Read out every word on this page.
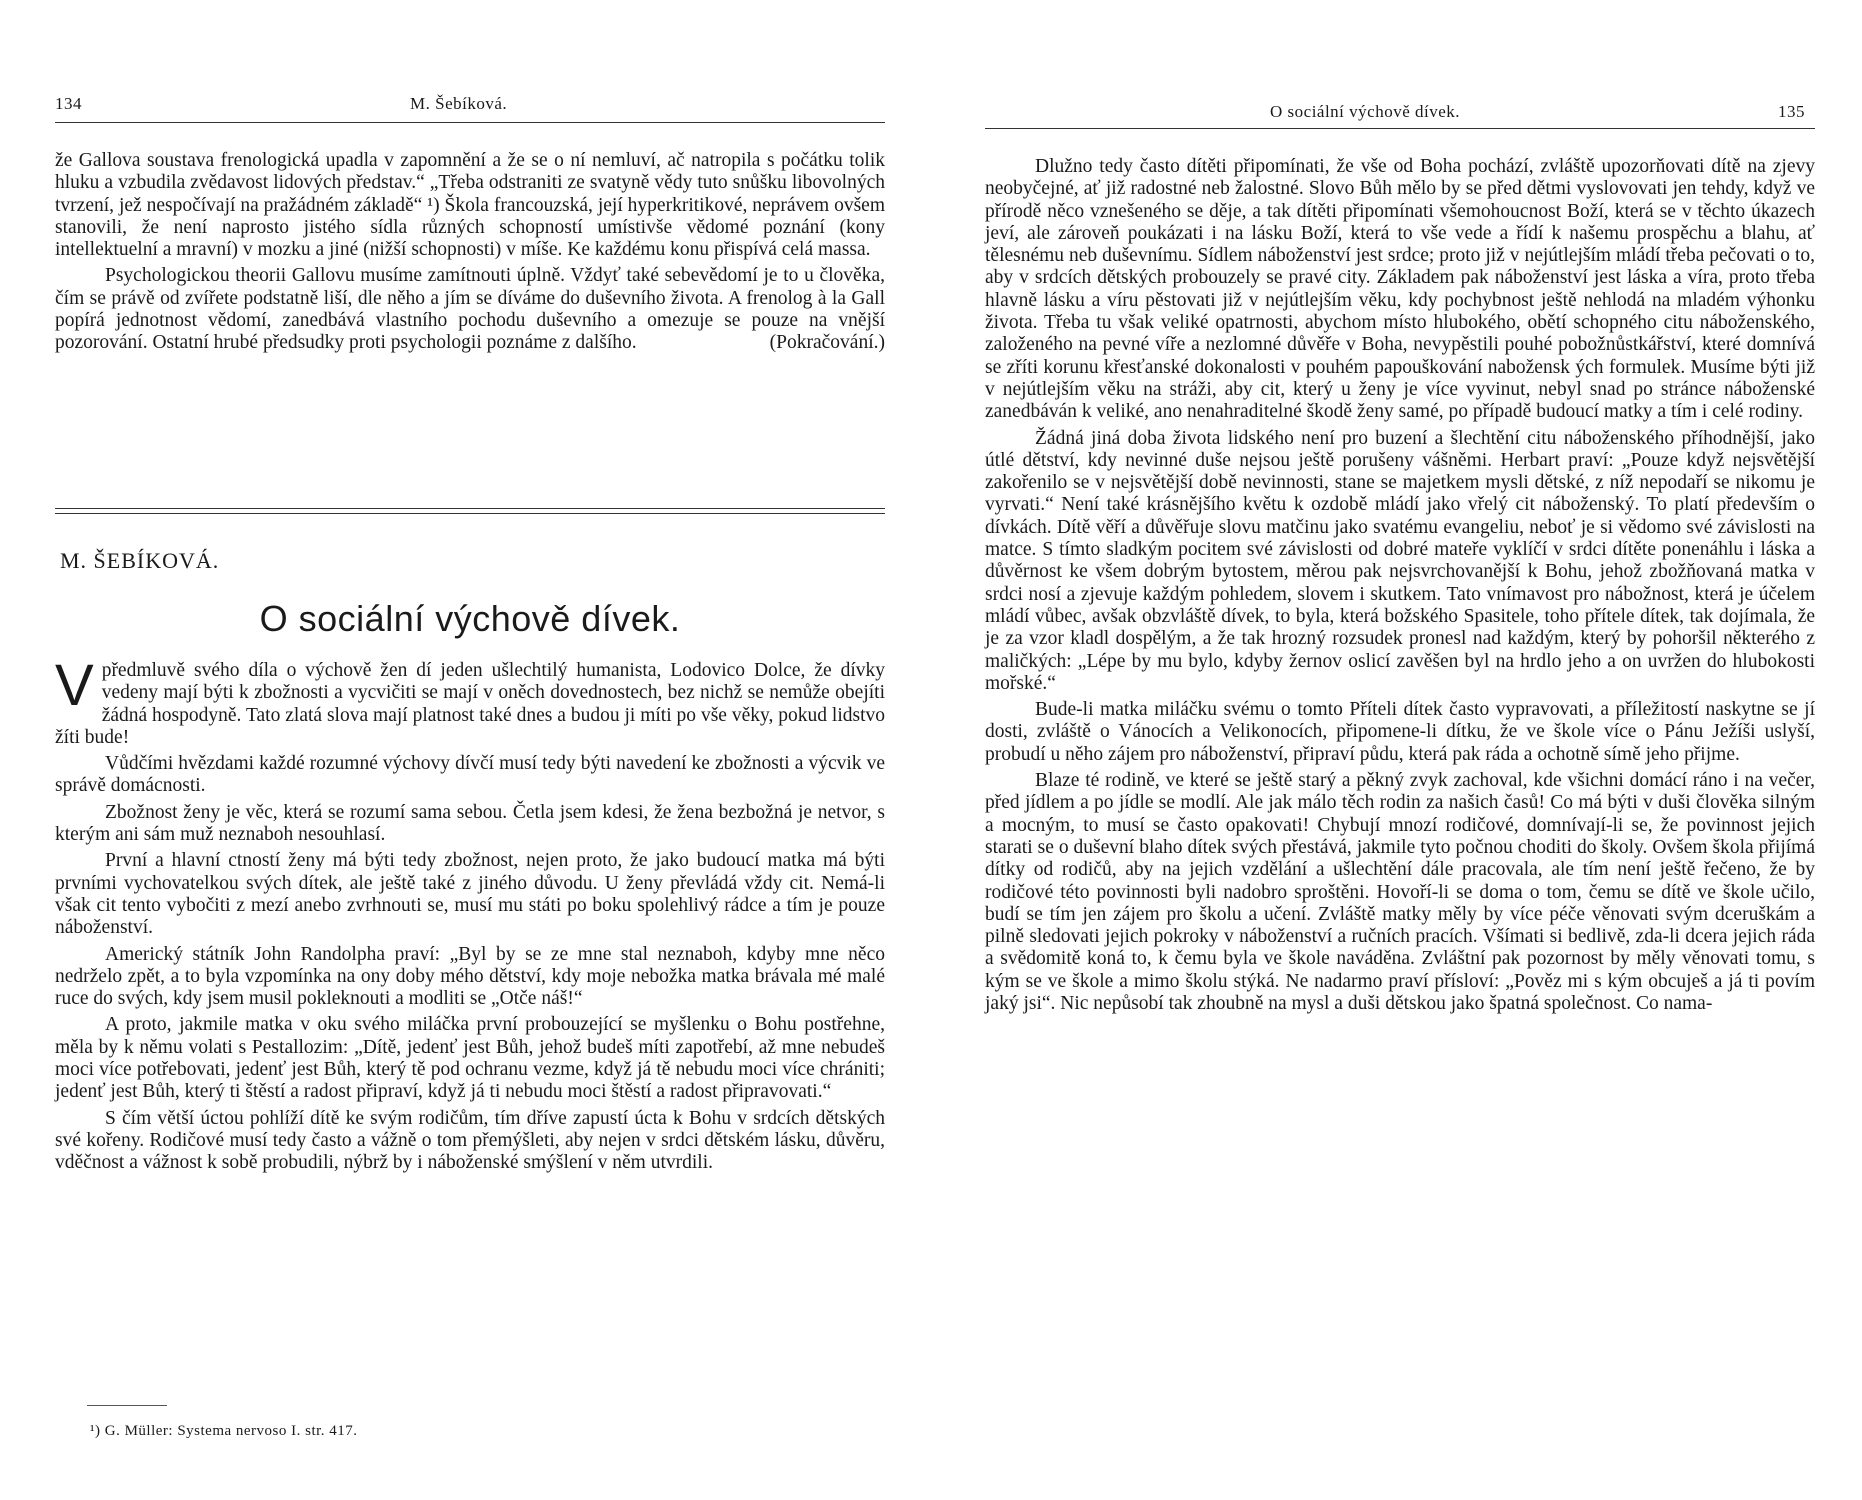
134	M. Šebíková.

že Gallova soustava frenologická upadla v zapomnění a že se o ní nemluví, ač natropila s počátku tolik hluku a vzbudila zvědavost lidových představ.“ „Třeba odstraniti ze svatyně vědy tuto snůšku libovolných tvrzení, jež nespočívají na pražádném základě“ ¹) Škola francouzská, její hyperkritikové, neprávem ovšem stanovili, že není naprosto jistého sídla různých schopností umístivše vědomé poznání (kony intellektuelní a mravní) v mozku a jiné (nižší schopnosti) v míše. Ke každému konu přispívá celá massa.

Psychologickou theorii Gallovu musíme zamítnouti úplně. Vždyť také sebevědomí je to u člověka, čím se právě od zvířete podstatně liší, dle něho a jím se díváme do duševního života. A frenolog à la Gall popírá jednotnost vědomí, zanedbává vlastního pochodu duševního a omezuje se pouze na vnější pozorování. Ostatní hrubé předsudky proti psychologii poznáme z dalšího.	(Pokračování.)

M. ŠEBÍKOVÁ.
O sociální výchově dívek.

Vpředmluvě svého díla o výchově žen dí jeden ušlechtilý humanista, Lodovico Dolce, že dívky vedeny mají býti k zbožnosti a vycvičiti se mají v oněch dovednostech, bez nichž se nemůže obejíti žádná hospodyně. Tato zlatá slova mají platnost také dnes a budou ji míti po vše věky, pokud lidstvo žíti bude!

Vůdčími hvězdami každé rozumné výchovy dívčí musí tedy býti navedení ke zbožnosti a výcvik ve správě domácnosti.

Zbožnost ženy je věc, která se rozumí sama sebou. Četla jsem kdesi, že žena bezbožná je netvor, s kterým ani sám muž neznaboh nesouhlasí.

První a hlavní ctností ženy má býti tedy zbožnost, nejen proto, že jako budoucí matka má býti prvními vychovatelkou svých dítek, ale ještě také z jiného důvodu. U ženy převládá vždy cit. Nemá-li však cit tento vybočiti z mezí anebo zvrhnouti se, musí mu státi po boku spolehlivý rádce a tím je pouze náboženství.

Americký státník John Randolpha praví: „Byl by se ze mne stal neznaboh, kdyby mne něco nedrželo zpět, a to byla vzpomínka na ony doby mého dětství, kdy moje nebožka matka brávala mé malé ruce do svých, kdy jsem musil pokleknouti a modliti se „Otče náš!“

A proto, jakmile matka v oku svého miláčka první probouzející se myšlenku o Bohu postřehne, měla by k němu volati s Pestallozim: „Dítě, jedenť jest Bůh, jehož budeš míti zapotřebí, až mne nebudeš moci více potřebovati, jedenť jest Bůh, který tě pod ochranu vezme, když já tě nebudu moci více chrániti; jedenť jest Bůh, který ti štěstí a radost připraví, když já ti nebudu moci štěstí a radost připravovati.“

S čím větší úctou pohlíží dítě ke svým rodičům, tím dříve zapustí úcta k Bohu v srdcích dětských své kořeny. Rodičové musí tedy často a vážně o tom přemýšleti, aby nejen v srdci dětském lásku, důvěru, vděčnost a vážnost k sobě probudili, nýbrž by i náboženské smýšlení v něm utvrdili.

¹) G. Müller: Systema nervoso I. str. 417.
O sociální výchově dívek.	135

Dlužno tedy často dítěti připomínati, že vše od Boha pochází, zvláště upozorňovati dítě na zjevy neobyčejné, ať již radostné neb žalostné. Slovo Bůh mělo by se před dětmi vyslovovati jen tehdy, když ve přírodě něco vznešeného se děje, a tak dítěti připomínati všemohoucnost Boží, která se v těchto úkazech jeví, ale zároveň poukázati i na lásku Boží, která to vše vede a řídí k našemu prospěchu a blahu, ať tělesnému neb duševnímu. Sídlem náboženství jest srdce; proto již v nejútlejším mládí třeba pečovati o to, aby v srdcích dětských probouzely se pravé city. Základem pak náboženství jest láska a víra, proto třeba hlavně lásku a víru pěstovati již v nejútlejším věku, kdy pochybnost ještě nehlodá na mladém výhonku života. Třeba tu však veliké opatrnosti, abychom místo hlubokého, obětí schopného citu náboženského, založeného na pevné víře a nezlomné důvěře v Boha, nevypěstili pouhé pobožnůstkářství, které domnívá se zříti korunu křesťanské dokonalosti v pouhém papouškování nabožensk ých formulek. Musíme býti již v nejútlejším věku na stráži, aby cit, který u ženy je více vyvinut, nebyl snad po stránce náboženské zanedbáván k veliké, ano nenahraditelné škodě ženy samé, po případě budoucí matky a tím i celé rodiny.

Žádná jiná doba života lidského není pro buzení a šlechtění citu náboženského příhodnější, jako útlé dětství, kdy nevinné duše nejsou ještě porušeny vášněmi. Herbart praví: „Pouze když nejsvětější zakořenilo se v nejsvětější době nevinnosti, stane se majetkem mysli dětské, z níž nepodaří se nikomu je vyrvati.“ Není také krásnějšího květu k ozdobě mládí jako vřelý cit náboženský. To platí především o dívkách. Dítě věří a důvěřuje slovu matčinu jako svatému evangeliu, neboť je si vědomo své závislosti na matce. S tímto sladkým pocitem své závislosti od dobré mateře vyklíčí v srdci dítěte ponenáhlu i láska a důvěrnost ke všem dobrým bytostem, měrou pak nejsvrchovanější k Bohu, jehož zbožňovaná matka v srdci nosí a zjevuje každým pohledem, slovem i skutkem. Tato vnímavost pro nábožnost, která je účelem mládí vůbec, avšak obzvláště dívek, to byla, která božského Spasitele, toho přítele dítek, tak dojímala, že je za vzor kladl dospělým, a že tak hrozný rozsudek pronesl nad každým, který by pohoršil některého z maličkých: „Lépe by mu bylo, kdyby žernov oslicí zavěšen byl na hrdlo jeho a on uvržen do hlubokosti mořské.“

Bude-li matka miláčku svému o tomto Příteli dítek často vypravovati, a příležitostí naskytne se jí dosti, zvláště o Vánocích a Velikonocích, připomene-li dítku, že ve škole více o Pánu Ježíši uslyší, probudí u něho zájem pro náboženství, připraví půdu, která pak ráda a ochotně símě jeho přijme.

Blaze té rodině, ve které se ještě starý a pěkný zvyk zachoval, kde všichni domácí ráno i na večer, před jídlem a po jídle se modlí. Ale jak málo těch rodin za našich časů! Co má býti v duši člověka silným a mocným, to musí se často opakovati! Chybují mnozí rodičové, domnívají-li se, že povinnost jejich starati se o duševní blaho dítek svých přestává, jakmile tyto počnou choditi do školy. Ovšem škola přijímá dítky od rodičů, aby na jejich vzdělání a ušlechtění dále pracovala, ale tím není ještě řečeno, že by rodičové této povinnosti byli nadobro sproštěni. Hovoří-li se doma o tom, čemu se dítě ve škole učilo, budí se tím jen zájem pro školu a učení. Zvláště matky měly by více péče věnovati svým dceruškám a pilně sledovati jejich pokroky v náboženství a ručních pracích. Všímati si bedlivě, zda-li dcera jejich ráda a svědomitě koná to, k čemu byla ve škole naváděna. Zvláštní pak pozornost by měly věnovati tomu, s kým se ve škole a mimo školu stýká. Ne nadarmo praví přísloví: „Pověz mi s kým obcuješ a já ti povím jaký jsi“. Nic nepůsobí tak zhoubně na mysl a duši dětskou jako špatná společnost. Co nama-
